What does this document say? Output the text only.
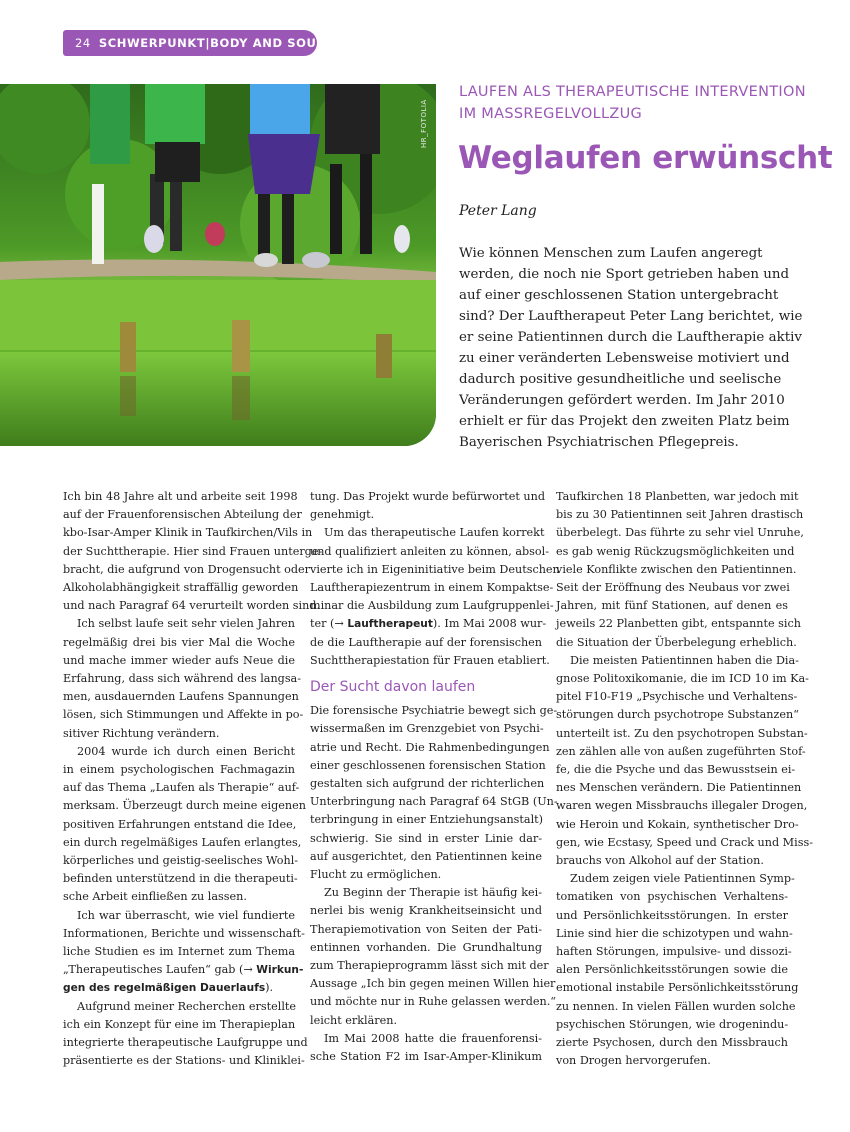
24 SCHWERPUNKT|BODY AND SOUL
HR_FOTOLIA
LAUFEN ALS THERAPEUTISCHE INTERVENTION
IM MASSREGELVOLLZUG
Weglaufen erwünscht
Peter Lang
Wie können Menschen zum Laufen angeregt
werden, die noch nie Sport getrieben haben und
auf einer geschlossenen Station untergebracht
sind? Der Lauftherapeut Peter Lang berichtet, wie
er seine Patientinnen durch die Lauftherapie aktiv
zu einer veränderten Lebensweise motiviert und
dadurch positive gesundheitliche und seelische
Veränderungen gefördert werden. Im Jahr 2010
erhielt er für das Projekt den zweiten Platz beim
Bayerischen Psychiatrischen Pflegepreis.
Ich bin 48 Jahre alt und arbeite seit 1998
auf der Frauenforensischen Abteilung der
kbo-Isar-Amper Klinik in Taufkirchen/Vils in
der Suchttherapie. Hier sind Frauen unterge-
bracht, die aufgrund von Drogensucht oder
Alkoholabhängigkeit straffällig geworden
und nach Paragraf 64 verurteilt worden sind.
Ich selbst laufe seit sehr vielen Jahren
regelmäßig drei bis vier Mal die Woche
und mache immer wieder aufs Neue die
Erfahrung, dass sich während des langsa-
men, ausdauernden Laufens Spannungen
lösen, sich Stimmungen und Affekte in po-
sitiver Richtung verändern.
2004 wurde ich durch einen Bericht
in einem psychologischen Fachmagazin
auf das Thema „Laufen als Therapie“ auf-
merksam. Überzeugt durch meine eigenen
positiven Erfahrungen entstand die Idee,
ein durch regelmäßiges Laufen erlangtes,
körperliches und geistig-seelisches Wohl-
befinden unterstützend in die therapeuti-
sche Arbeit einfließen zu lassen.
Ich war überrascht, wie viel fundierte
Informationen, Berichte und wissenschaft-
liche Studien es im Internet zum Thema
„Therapeutisches Laufen“ gab (→ Wirkun-
gen des regelmäßigen Dauerlaufs).
Aufgrund meiner Recherchen erstellte
ich ein Konzept für eine im Therapieplan
integrierte therapeutische Laufgruppe und
präsentierte es der Stations- und Kliniklei-
tung. Das Projekt wurde befürwortet und
genehmigt.
Um das therapeutische Laufen korrekt
und qualifiziert anleiten zu können, absol-
vierte ich in Eigeninitiative beim Deutschen
Lauftherapiezentrum in einem Kompaktse-
minar die Ausbildung zum Laufgruppenlei-
ter (→ Lauftherapeut). Im Mai 2008 wur-
de die Lauftherapie auf der forensischen
Suchttherapiestation für Frauen etabliert.
Der Sucht davon laufen
Die forensische Psychiatrie bewegt sich ge-
wissermaßen im Grenzgebiet von Psychi-
atrie und Recht. Die Rahmenbedingungen
einer geschlossenen forensischen Station
gestalten sich aufgrund der richterlichen
Unterbringung nach Paragraf 64 StGB (Un-
terbringung in einer Entziehungsanstalt)
schwierig. Sie sind in erster Linie dar-
auf ausgerichtet, den Patientinnen keine
Flucht zu ermöglichen.
Zu Beginn der Therapie ist häufig kei-
nerlei bis wenig Krankheitseinsicht und
Therapiemotivation von Seiten der Pati-
entinnen vorhanden. Die Grundhaltung
zum Therapieprogramm lässt sich mit der
Aussage „Ich bin gegen meinen Willen hier
und möchte nur in Ruhe gelassen werden.“
leicht erklären.
Im Mai 2008 hatte die frauenforensi-
sche Station F2 im Isar-Amper-Klinikum
Taufkirchen 18 Planbetten, war jedoch mit
bis zu 30 Patientinnen seit Jahren drastisch
überbelegt. Das führte zu sehr viel Unruhe,
es gab wenig Rückzugsmöglichkeiten und
viele Konflikte zwischen den Patientinnen.
Seit der Eröffnung des Neubaus vor zwei
Jahren, mit fünf Stationen, auf denen es
jeweils 22 Planbetten gibt, entspannte sich
die Situation der Überbelegung erheblich.
Die meisten Patientinnen haben die Dia-
gnose Politoxikomanie, die im ICD 10 im Ka-
pitel F10-F19 „Psychische und Verhaltens-
störungen durch psychotrope Substanzen“
unterteilt ist. Zu den psychotropen Substan-
zen zählen alle von außen zugeführten Stof-
fe, die die Psyche und das Bewusstsein ei-
nes Menschen verändern. Die Patientinnen
waren wegen Missbrauchs illegaler Drogen,
wie Heroin und Kokain, synthetischer Dro-
gen, wie Ecstasy, Speed und Crack und Miss-
brauchs von Alkohol auf der Station.
Zudem zeigen viele Patientinnen Symp-
tomatiken von psychischen Verhaltens-
und Persönlichkeitsstörungen. In erster
Linie sind hier die schizotypen und wahn-
haften Störungen, impulsive- und dissozi-
alen Persönlichkeitsstörungen sowie die
emotional instabile Persönlichkeitsstörung
zu nennen. In vielen Fällen wurden solche
psychischen Störungen, wie drogenindu-
zierte Psychosen, durch den Missbrauch
von Drogen hervorgerufen.
